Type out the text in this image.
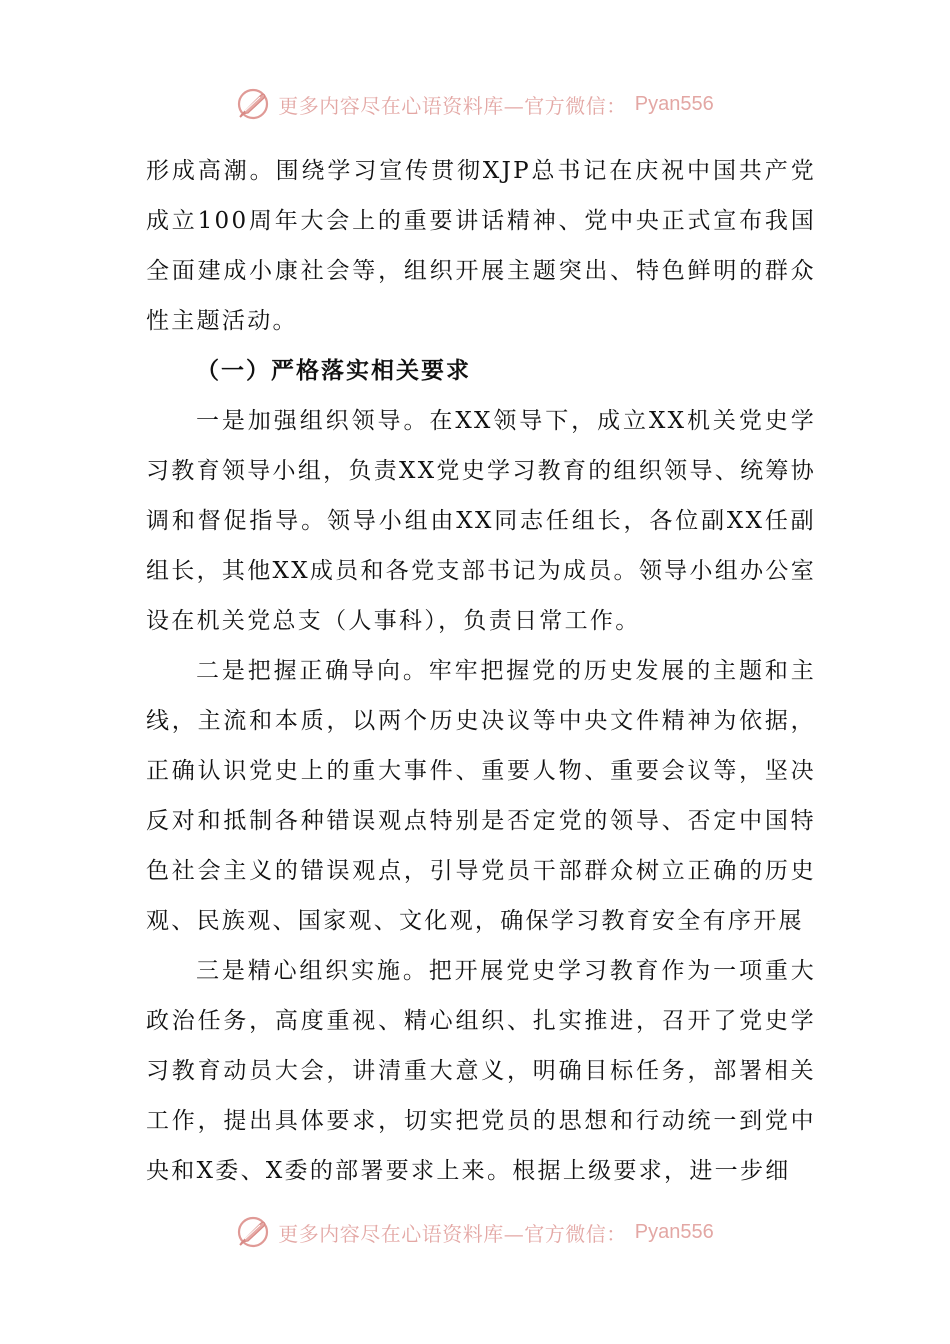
更多内容尽在心语资料库—官方微信： Pyan556

形成高潮。围绕学习宣传贯彻XJP总书记在庆祝中国共产党成立100周年大会上的重要讲话精神、党中央正式宣布我国全面建成小康社会等，组织开展主题突出、特色鲜明的群众性主题活动。

（一）严格落实相关要求

一是加强组织领导。在XX领导下，成立XX机关党史学习教育领导小组，负责XX党史学习教育的组织领导、统筹协调和督促指导。领导小组由XX同志任组长，各位副XX任副组长，其他XX成员和各党支部书记为成员。领导小组办公室设在机关党总支（人事科），负责日常工作。

二是把握正确导向。牢牢把握党的历史发展的主题和主线，主流和本质，以两个历史决议等中央文件精神为依据，正确认识党史上的重大事件、重要人物、重要会议等，坚决反对和抵制各种错误观点特别是否定党的领导、否定中国特色社会主义的错误观点，引导党员干部群众树立正确的历史观、民族观、国家观、文化观，确保学习教育安全有序开展

三是精心组织实施。把开展党史学习教育作为一项重大政治任务，高度重视、精心组织、扎实推进，召开了党史学习教育动员大会，讲清重大意义，明确目标任务，部署相关工作，提出具体要求，切实把党员的思想和行动统一到党中央和X委、X委的部署要求上来。根据上级要求，进一步细

更多内容尽在心语资料库—官方微信： Pyan556
